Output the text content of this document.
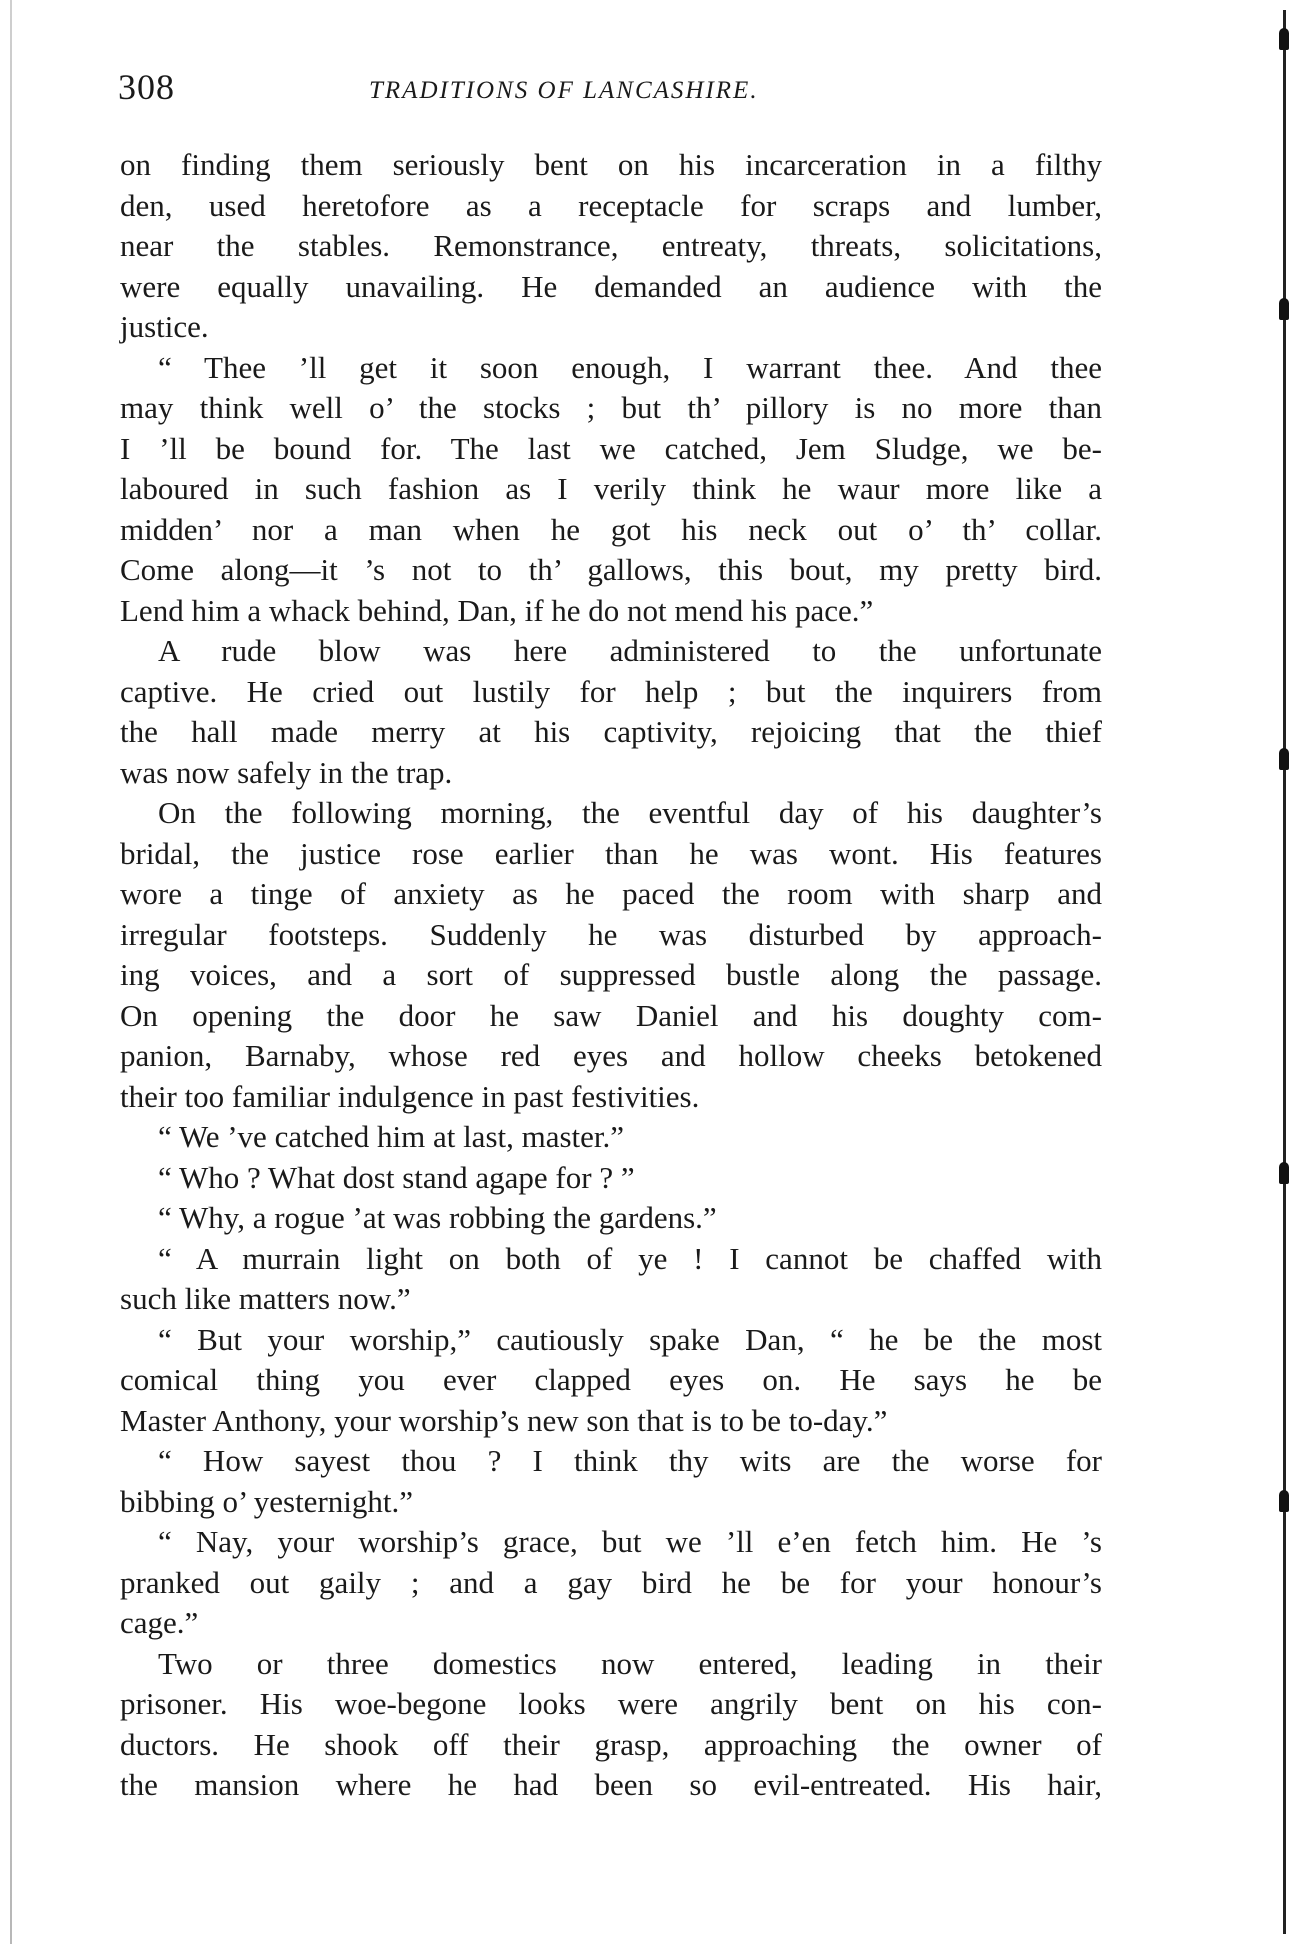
308	TRADITIONS OF LANCASHIRE.
on finding them seriously bent on his incarceration in a filthy
den, used heretofore as a receptacle for scraps and lumber,
near the stables. Remonstrance, entreaty, threats, solicitations,
were equally unavailing. He demanded an audience with the
justice.
“ Thee ’ll get it soon enough, I warrant thee. And thee
may think well o’ the stocks ; but th’ pillory is no more than
I ’ll be bound for. The last we catched, Jem Sludge, we be-
laboured in such fashion as I verily think he waur more like a
midden’ nor a man when he got his neck out o’ th’ collar.
Come along—it ’s not to th’ gallows, this bout, my pretty bird.
Lend him a whack behind, Dan, if he do not mend his pace.”
A rude blow was here administered to the unfortunate
captive. He cried out lustily for help ; but the inquirers from
the hall made merry at his captivity, rejoicing that the thief
was now safely in the trap.
On the following morning, the eventful day of his daughter’s
bridal, the justice rose earlier than he was wont. His features
wore a tinge of anxiety as he paced the room with sharp and
irregular footsteps. Suddenly he was disturbed by approach-
ing voices, and a sort of suppressed bustle along the passage.
On opening the door he saw Daniel and his doughty com-
panion, Barnaby, whose red eyes and hollow cheeks betokened
their too familiar indulgence in past festivities.
“ We ’ve catched him at last, master.”
“ Who ? What dost stand agape for ? ”
“ Why, a rogue ’at was robbing the gardens.”
“ A murrain light on both of ye ! I cannot be chaffed with
such like matters now.”
“ But your worship,” cautiously spake Dan, “ he be the most
comical thing you ever clapped eyes on. He says he be
Master Anthony, your worship’s new son that is to be to-day.”
“ How sayest thou ? I think thy wits are the worse for
bibbing o’ yesternight.”
“ Nay, your worship’s grace, but we ’ll e’en fetch him. He ’s
pranked out gaily ; and a gay bird he be for your honour’s
cage.”
Two or three domestics now entered, leading in their
prisoner. His woe-begone looks were angrily bent on his con-
ductors. He shook off their grasp, approaching the owner of
the mansion where he had been so evil-entreated. His hair,
